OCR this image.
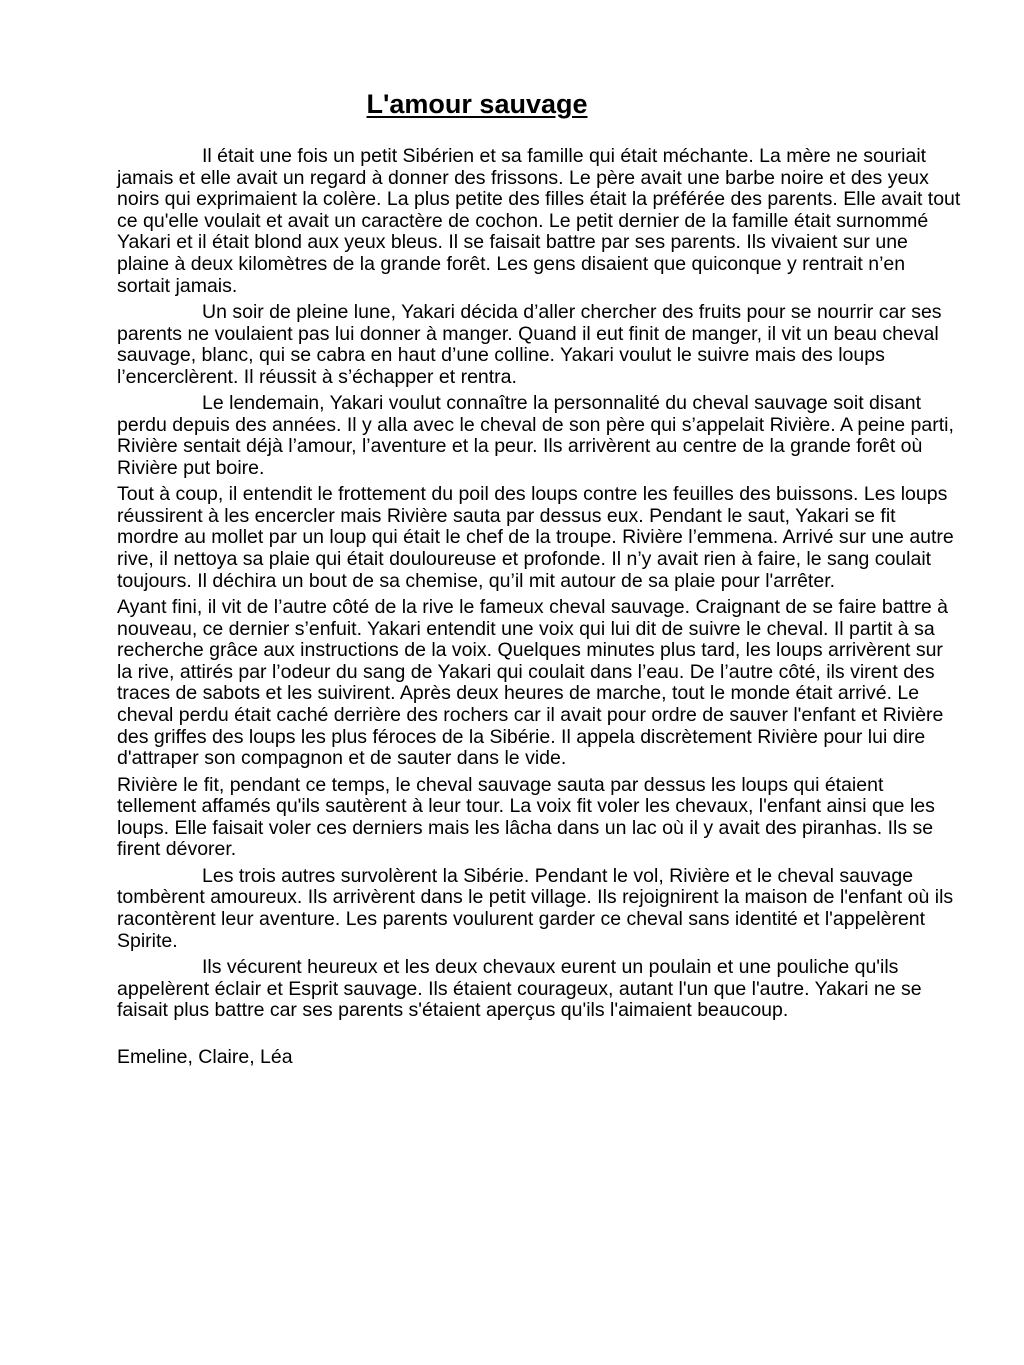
L'amour sauvage

Il était une fois un petit Sibérien et sa famille qui était méchante. La mère ne souriait jamais et elle avait un regard à donner des frissons. Le père avait une barbe noire et des yeux noirs qui exprimaient la colère. La plus petite des filles était la préférée des parents. Elle avait tout ce qu'elle voulait et avait un caractère de cochon. Le petit dernier de la famille était surnommé Yakari et il était blond aux yeux bleus. Il se faisait battre par ses parents. Ils vivaient sur une plaine à deux kilomètres de la grande forêt. Les gens disaient que quiconque y rentrait n’en sortait jamais.

Un soir de pleine lune, Yakari décida d’aller chercher des fruits pour se nourrir car ses parents ne voulaient pas lui donner à manger. Quand il eut finit de manger, il vit un beau cheval sauvage, blanc, qui se cabra en haut d’une colline. Yakari voulut le suivre mais des loups l’encerclèrent. Il réussit à s’échapper et rentra.

Le lendemain, Yakari voulut connaître la personnalité du cheval sauvage soit disant perdu depuis des années. Il y alla avec le cheval de son père qui s’appelait Rivière. A peine parti, Rivière sentait déjà l’amour, l’aventure et la peur. Ils arrivèrent au centre de la grande forêt où Rivière put boire.

Tout à coup, il entendit le frottement du poil des loups contre les feuilles des buissons. Les loups réussirent à les encercler mais Rivière sauta par dessus eux. Pendant le saut, Yakari se fit mordre au mollet par un loup qui était le chef de la troupe. Rivière l’emmena. Arrivé sur une autre rive, il nettoya sa plaie qui était douloureuse et profonde. Il n’y avait rien à faire, le sang coulait toujours. Il déchira un bout de sa chemise, qu’il mit autour de sa plaie pour l'arrêter.

Ayant fini, il vit de l’autre côté de la rive le fameux cheval sauvage. Craignant de se faire battre à nouveau, ce dernier s’enfuit. Yakari entendit une voix qui lui dit de suivre le cheval. Il partit à sa recherche grâce aux instructions de la voix. Quelques minutes plus tard, les loups arrivèrent sur la rive, attirés par l’odeur du sang de Yakari qui coulait dans l’eau. De l’autre côté, ils virent des traces de sabots et les suivirent. Après deux heures de marche, tout le monde était arrivé. Le cheval perdu était caché derrière des rochers car il avait pour ordre de sauver l'enfant et Rivière des griffes des loups les plus féroces de la Sibérie. Il appela discrètement Rivière pour lui dire d'attraper son compagnon et de sauter dans le vide.

Rivière le fit, pendant ce temps, le cheval sauvage sauta par dessus les loups qui étaient tellement affamés qu'ils sautèrent à leur tour. La voix fit voler les chevaux, l'enfant ainsi que les loups. Elle faisait voler ces derniers mais les lâcha dans un lac où il y avait des piranhas. Ils se firent dévorer.

Les trois autres survolèrent la Sibérie. Pendant le vol, Rivière et le cheval sauvage tombèrent amoureux. Ils arrivèrent dans le petit village. Ils rejoignirent la maison de l'enfant où ils racontèrent leur aventure. Les parents voulurent garder ce cheval sans identité et l'appelèrent Spirite.

Ils vécurent heureux et les deux chevaux eurent un poulain et une pouliche qu'ils appelèrent éclair et Esprit sauvage. Ils étaient courageux, autant l'un que l'autre. Yakari ne se faisait plus battre car ses parents s'étaient aperçus qu'ils l'aimaient beaucoup.

Emeline, Claire, Léa
